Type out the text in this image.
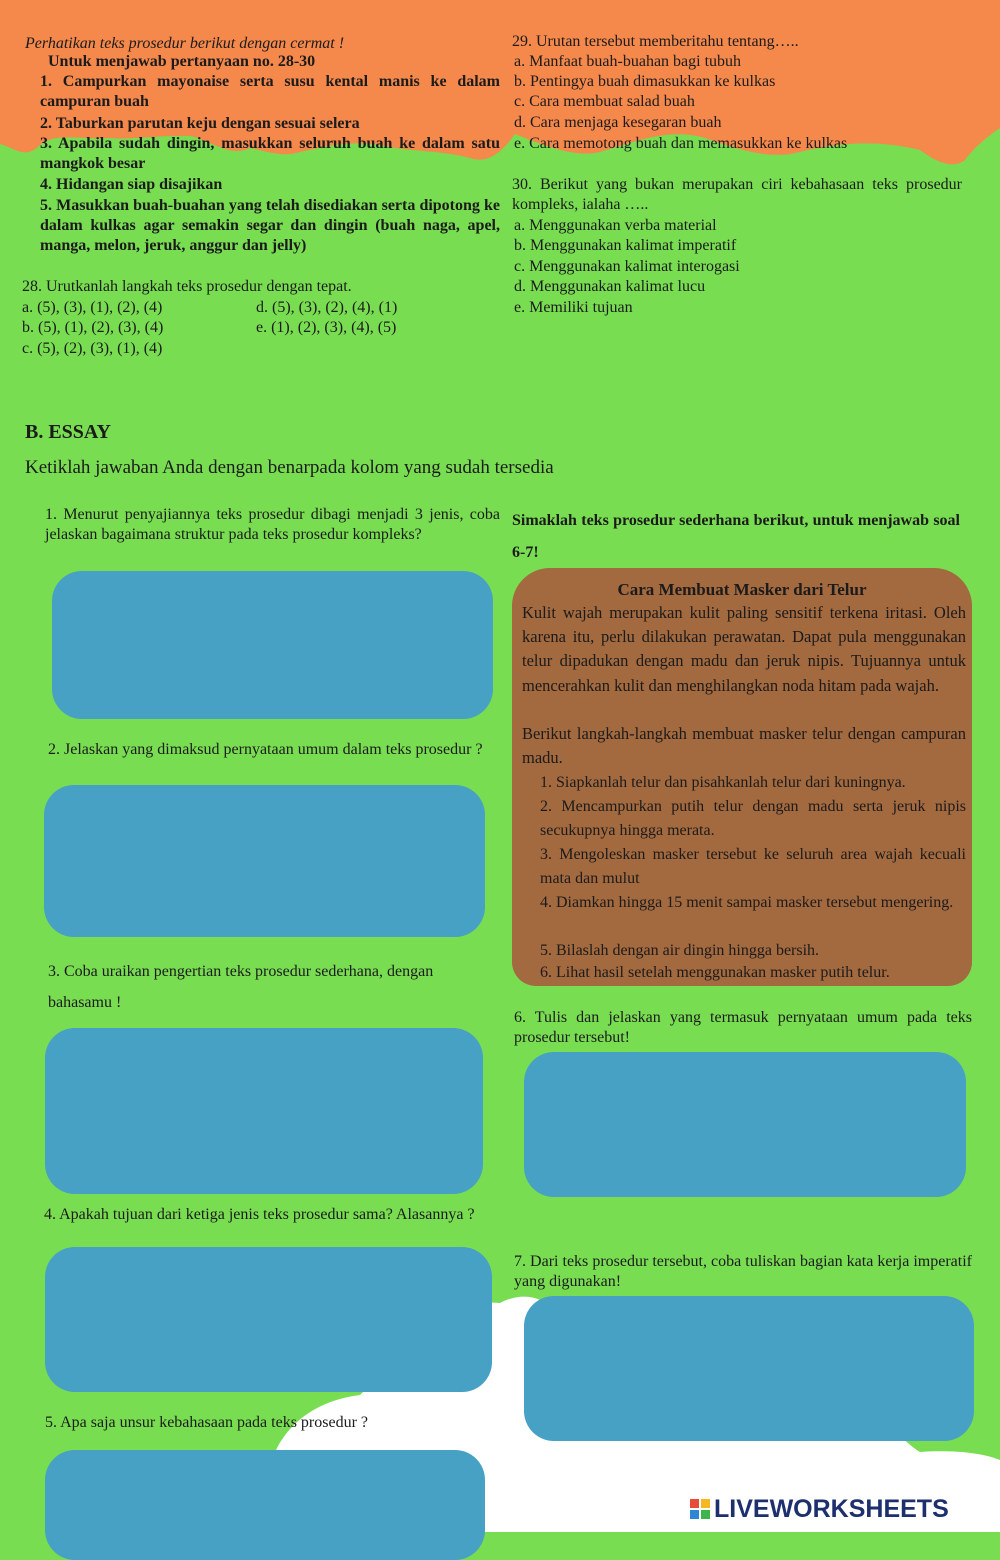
Perhatikan teks prosedur berikut dengan cermat !

Untuk menjawab pertanyaan no. 28-30

1. Campurkan mayonaise serta susu kental manis ke dalam campuran buah

2. Taburkan parutan keju dengan sesuai selera

3. Apabila sudah dingin, masukkan seluruh buah ke dalam satu mangkok besar

4. Hidangan siap disajikan

5. Masukkan buah-buahan yang telah disediakan serta dipotong ke dalam kulkas agar semakin segar dan dingin (buah naga, apel, manga, melon, jeruk, anggur dan jelly)

28. Urutkanlah langkah teks prosedur dengan tepat.

a. (5), (3), (1), (2), (4)

b. (5), (1), (2), (3), (4)

c. (5), (2), (3), (1), (4)

d. (5), (3), (2), (4), (1)

e. (1), (2), (3), (4), (5)

29. Urutan tersebut memberitahu tentang…..

a. Manfaat buah-buahan bagi tubuh

b. Pentingya buah dimasukkan ke kulkas

c. Cara membuat salad buah

d. Cara menjaga kesegaran buah

e. Cara memotong buah dan memasukkan ke kulkas

30. Berikut yang bukan merupakan ciri kebahasaan teks prosedur kompleks, ialaha …..

a. Menggunakan verba material

b. Menggunakan kalimat imperatif

c. Menggunakan kalimat interogasi

d. Menggunakan kalimat lucu

e. Memiliki tujuan

B. ESSAY

Ketiklah jawaban Anda dengan benarpada kolom yang sudah tersedia

1. Menurut penyajiannya teks prosedur dibagi menjadi 3 jenis, coba jelaskan bagaimana struktur pada teks prosedur kompleks?

2. Jelaskan yang dimaksud pernyataan umum dalam teks prosedur ?

3. Coba uraikan pengertian teks prosedur sederhana, dengan

bahasamu !

4. Apakah tujuan dari ketiga jenis teks prosedur sama? Alasannya ?

5. Apa saja unsur kebahasaan pada teks prosedur ?

Simaklah teks prosedur sederhana berikut, untuk menjawab soal 6-7!

Cara Membuat Masker dari Telur

Kulit wajah merupakan kulit paling sensitif terkena iritasi. Oleh karena itu, perlu dilakukan perawatan. Dapat pula menggunakan telur dipadukan dengan madu dan jeruk nipis. Tujuannya untuk mencerahkan kulit dan menghilangkan noda hitam pada wajah.

Berikut langkah-langkah membuat masker telur dengan campuran madu.

1. Siapkanlah telur dan pisahkanlah telur dari kuningnya.

2. Mencampurkan putih telur dengan madu serta jeruk nipis secukupnya hingga merata.

3. Mengoleskan masker tersebut ke seluruh area wajah kecuali mata dan mulut

4. Diamkan hingga 15 menit sampai masker tersebut mengering.

5. Bilaslah dengan air dingin hingga bersih.

6. Lihat hasil setelah menggunakan masker putih telur.

6. Tulis dan jelaskan yang termasuk pernyataan umum pada teks prosedur tersebut!

7. Dari teks prosedur tersebut, coba tuliskan bagian kata kerja imperatif yang digunakan!

LIVEWORKSHEETS
